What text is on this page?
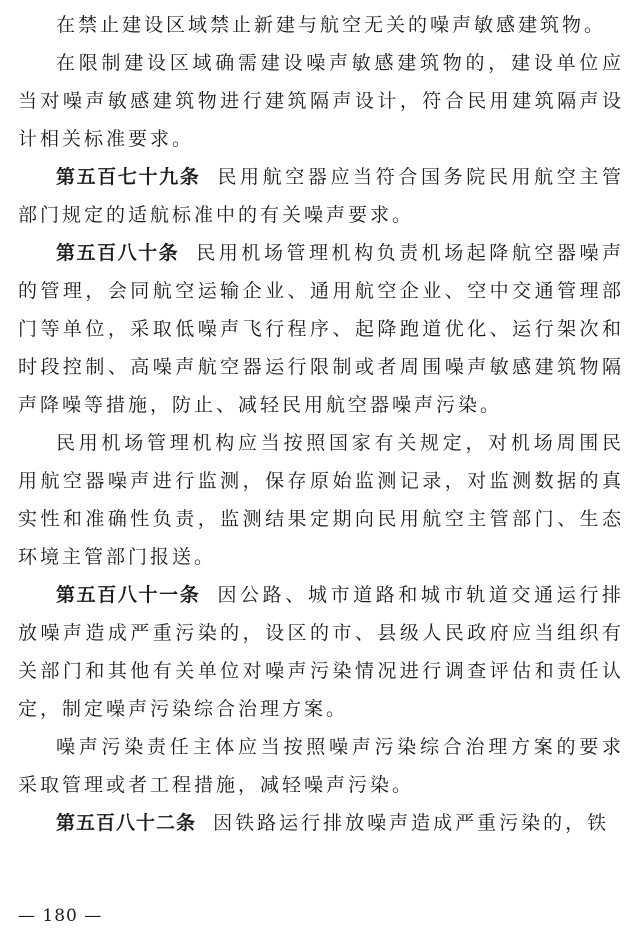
在禁止建设区域禁止新建与航空无关的噪声敏感建筑物。

在限制建设区域确需建设噪声敏感建筑物的，建设单位应当对噪声敏感建筑物进行建筑隔声设计，符合民用建筑隔声设计相关标准要求。

第五百七十九条 民用航空器应当符合国务院民用航空主管部门规定的适航标准中的有关噪声要求。

第五百八十条 民用机场管理机构负责机场起降航空器噪声的管理，会同航空运输企业、通用航空企业、空中交通管理部门等单位，采取低噪声飞行程序、起降跑道优化、运行架次和时段控制、高噪声航空器运行限制或者周围噪声敏感建筑物隔声降噪等措施，防止、减轻民用航空器噪声污染。

民用机场管理机构应当按照国家有关规定，对机场周围民用航空器噪声进行监测，保存原始监测记录，对监测数据的真实性和准确性负责，监测结果定期向民用航空主管部门、生态环境主管部门报送。

第五百八十一条 因公路、城市道路和城市轨道交通运行排放噪声造成严重污染的，设区的市、县级人民政府应当组织有关部门和其他有关单位对噪声污染情况进行调查评估和责任认定，制定噪声污染综合治理方案。

噪声污染责任主体应当按照噪声污染综合治理方案的要求采取管理或者工程措施，减轻噪声污染。

第五百八十二条 因铁路运行排放噪声造成严重污染的，铁

— 180 —
